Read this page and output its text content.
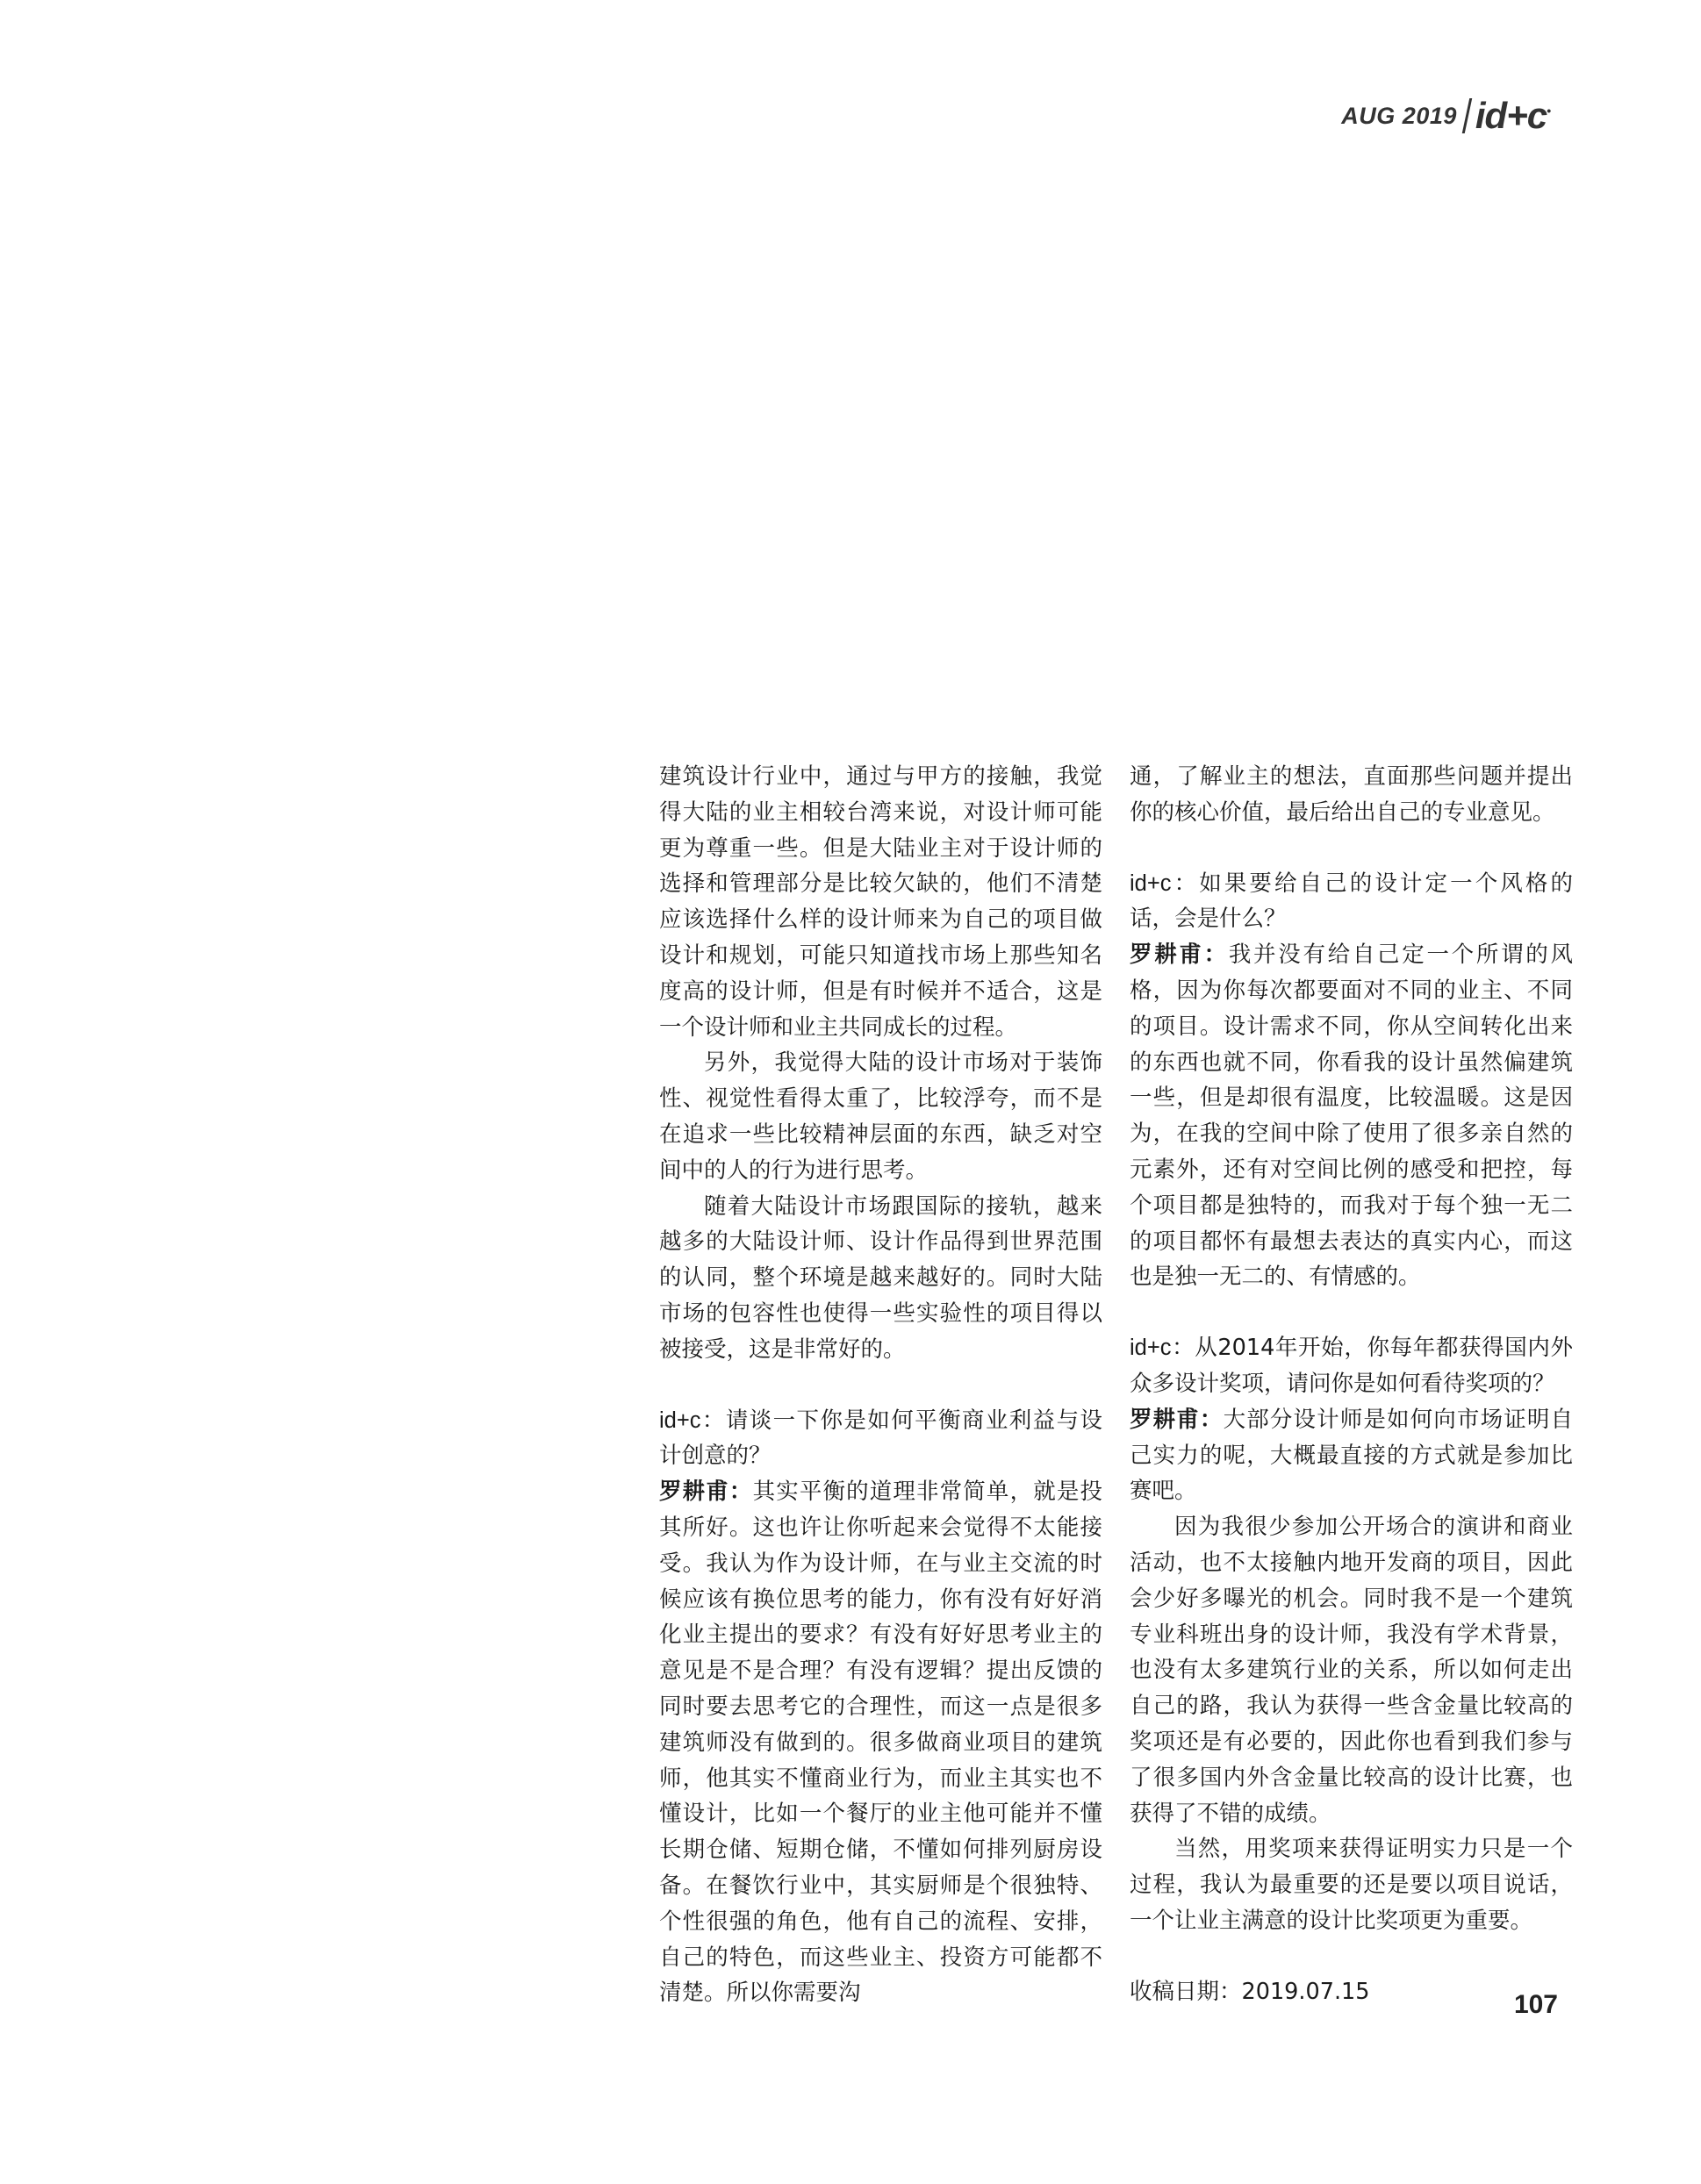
AUG 2019 id+c•

建筑设计行业中，通过与甲方的接触，我觉得大陆的业主相较台湾来说，对设计师可能更为尊重一些。但是大陆业主对于设计师的选择和管理部分是比较欠缺的，他们不清楚应该选择什么样的设计师来为自己的项目做设计和规划，可能只知道找市场上那些知名度高的设计师，但是有时候并不适合，这是一个设计师和业主共同成长的过程。

另外，我觉得大陆的设计市场对于装饰性、视觉性看得太重了，比较浮夸，而不是在追求一些比较精神层面的东西，缺乏对空间中的人的行为进行思考。

随着大陆设计市场跟国际的接轨，越来越多的大陆设计师、设计作品得到世界范围的认同，整个环境是越来越好的。同时大陆市场的包容性也使得一些实验性的项目得以被接受，这是非常好的。

id+c：请谈一下你是如何平衡商业利益与设计创意的？

罗耕甫：其实平衡的道理非常简单，就是投其所好。这也许让你听起来会觉得不太能接受。我认为作为设计师，在与业主交流的时候应该有换位思考的能力，你有没有好好消化业主提出的要求？有没有好好思考业主的意见是不是合理？有没有逻辑？提出反馈的同时要去思考它的合理性，而这一点是很多建筑师没有做到的。很多做商业项目的建筑师，他其实不懂商业行为，而业主其实也不懂设计，比如一个餐厅的业主他可能并不懂长期仓储、短期仓储，不懂如何排列厨房设备。在餐饮行业中，其实厨师是个很独特、个性很强的角色，他有自己的流程、安排，自己的特色，而这些业主、投资方可能都不清楚。所以你需要沟

通，了解业主的想法，直面那些问题并提出你的核心价值，最后给出自己的专业意见。

id+c：如果要给自己的设计定一个风格的话，会是什么？

罗耕甫：我并没有给自己定一个所谓的风格，因为你每次都要面对不同的业主、不同的项目。设计需求不同，你从空间转化出来的东西也就不同，你看我的设计虽然偏建筑一些，但是却很有温度，比较温暖。这是因为，在我的空间中除了使用了很多亲自然的元素外，还有对空间比例的感受和把控，每个项目都是独特的，而我对于每个独一无二的项目都怀有最想去表达的真实内心，而这也是独一无二的、有情感的。

id+c：从2014年开始，你每年都获得国内外众多设计奖项，请问你是如何看待奖项的？

罗耕甫：大部分设计师是如何向市场证明自己实力的呢，大概最直接的方式就是参加比赛吧。

因为我很少参加公开场合的演讲和商业活动，也不太接触内地开发商的项目，因此会少好多曝光的机会。同时我不是一个建筑专业科班出身的设计师，我没有学术背景，也没有太多建筑行业的关系，所以如何走出自己的路，我认为获得一些含金量比较高的奖项还是有必要的，因此你也看到我们参与了很多国内外含金量比较高的设计比赛，也获得了不错的成绩。

当然，用奖项来获得证明实力只是一个过程，我认为最重要的还是要以项目说话，一个让业主满意的设计比奖项更为重要。

收稿日期：2019.07.15	107
